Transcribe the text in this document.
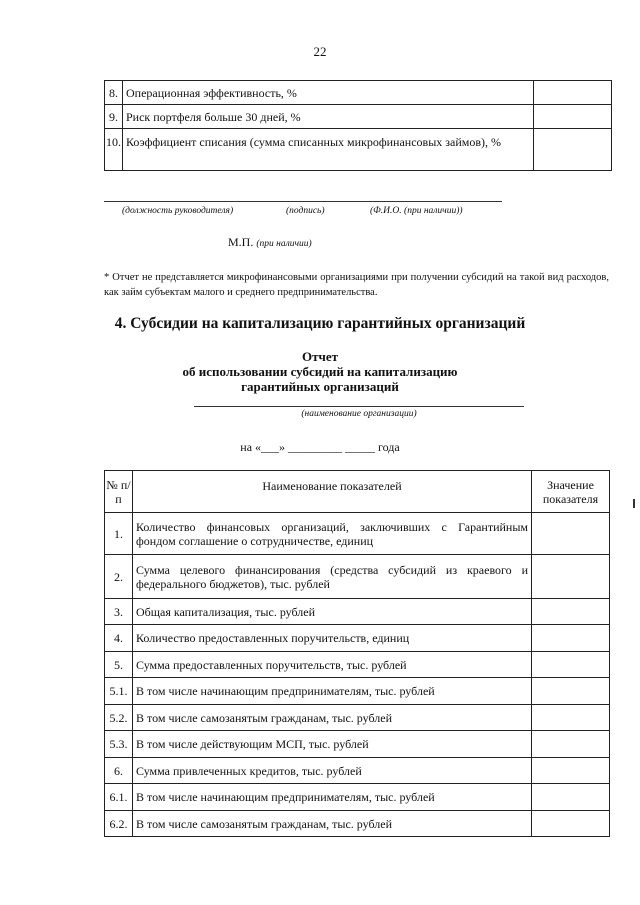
22
8.	Операционная эффективность, %	
9.	Риск портфеля больше 30 дней, %	
10.	Коэффициент списания (сумма списанных микрофинансовых займов), %	
(должность руководителя)	(подпись)	(Ф.И.О. (при наличии))
М.П. (при наличии)
* Отчет не представляется микрофинансовыми организациями при получении субсидий на такой вид расходов, как займ субъектам малого и среднего предпринимательства.
4. Субсидии на капитализацию гарантийных организаций
Отчет
об использовании субсидий на капитализацию
гарантийных организаций
(наименование организации)
на «___» _________ _____ года
№ п/п	Наименование показателей	Значение показателя
1.	Количество финансовых организаций, заключивших с Гарантийным фондом соглашение о сотрудничестве, единиц	
2.	Сумма целевого финансирования (средства субсидий из краевого и федерального бюджетов), тыс. рублей	
3.	Общая капитализация, тыс. рублей	
4.	Количество предоставленных поручительств, единиц	
5.	Сумма предоставленных поручительств, тыс. рублей	
5.1.	В том числе начинающим предпринимателям, тыс. рублей	
5.2.	В том числе самозанятым гражданам, тыс. рублей	
5.3.	В том числе действующим МСП, тыс. рублей	
6.	Сумма привлеченных кредитов, тыс. рублей	
6.1.	В том числе начинающим предпринимателям, тыс. рублей	
6.2.	В том числе самозанятым гражданам, тыс. рублей	
